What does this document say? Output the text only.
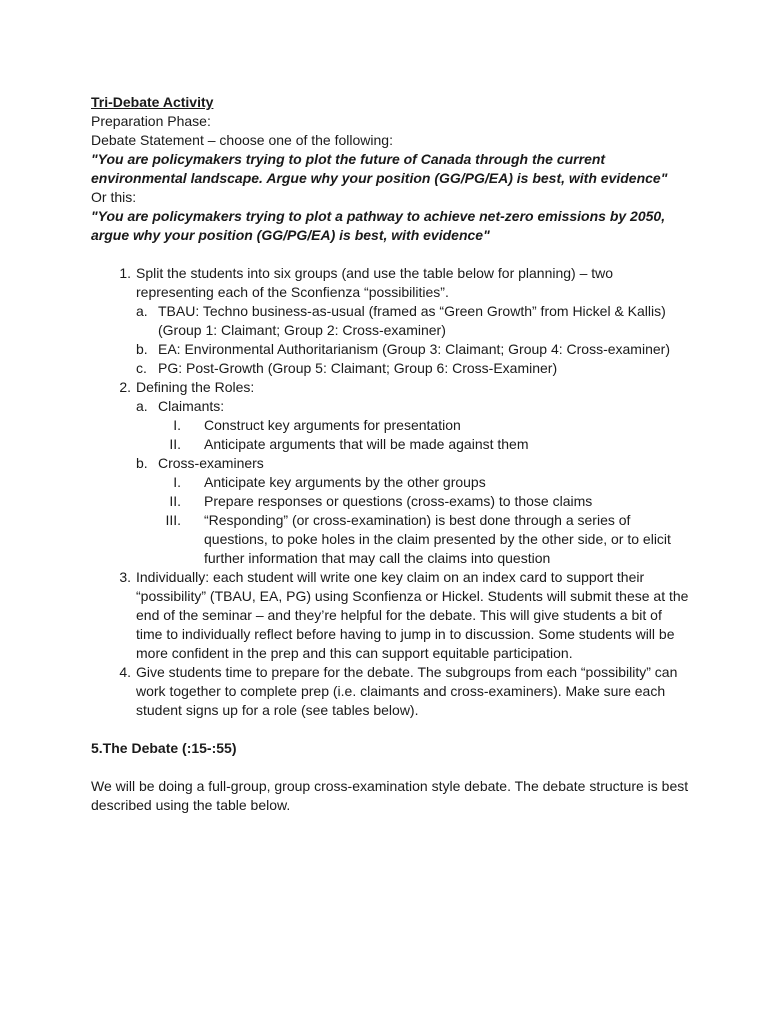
Tri-Debate Activity
Preparation Phase:
Debate Statement – choose one of the following:
"You are policymakers trying to plot the future of Canada through the current environmental landscape. Argue why your position (GG/PG/EA) is best, with evidence"
Or this:
"You are policymakers trying to plot a pathway to achieve net-zero emissions by 2050, argue why your position (GG/PG/EA) is best, with evidence"
1. Split the students into six groups (and use the table below for planning) – two representing each of the Sconfienza “possibilities”.
a. TBAU: Techno business-as-usual (framed as “Green Growth” from Hickel & Kallis) (Group 1: Claimant; Group 2: Cross-examiner)
b. EA: Environmental Authoritarianism (Group 3: Claimant; Group 4: Cross-examiner)
c. PG: Post-Growth (Group 5: Claimant; Group 6: Cross-Examiner)
2. Defining the Roles:
a. Claimants:
I. Construct key arguments for presentation
II. Anticipate arguments that will be made against them
b. Cross-examiners
I. Anticipate key arguments by the other groups
II. Prepare responses or questions (cross-exams) to those claims
III. “Responding” (or cross-examination) is best done through a series of questions, to poke holes in the claim presented by the other side, or to elicit further information that may call the claims into question
3. Individually: each student will write one key claim on an index card to support their “possibility” (TBAU, EA, PG) using Sconfienza or Hickel. Students will submit these at the end of the seminar – and they’re helpful for the debate. This will give students a bit of time to individually reflect before having to jump in to discussion. Some students will be more confident in the prep and this can support equitable participation.
4. Give students time to prepare for the debate. The subgroups from each “possibility” can work together to complete prep (i.e. claimants and cross-examiners). Make sure each student signs up for a role (see tables below).
5.The Debate (:15-:55)
We will be doing a full-group, group cross-examination style debate. The debate structure is best described using the table below.
